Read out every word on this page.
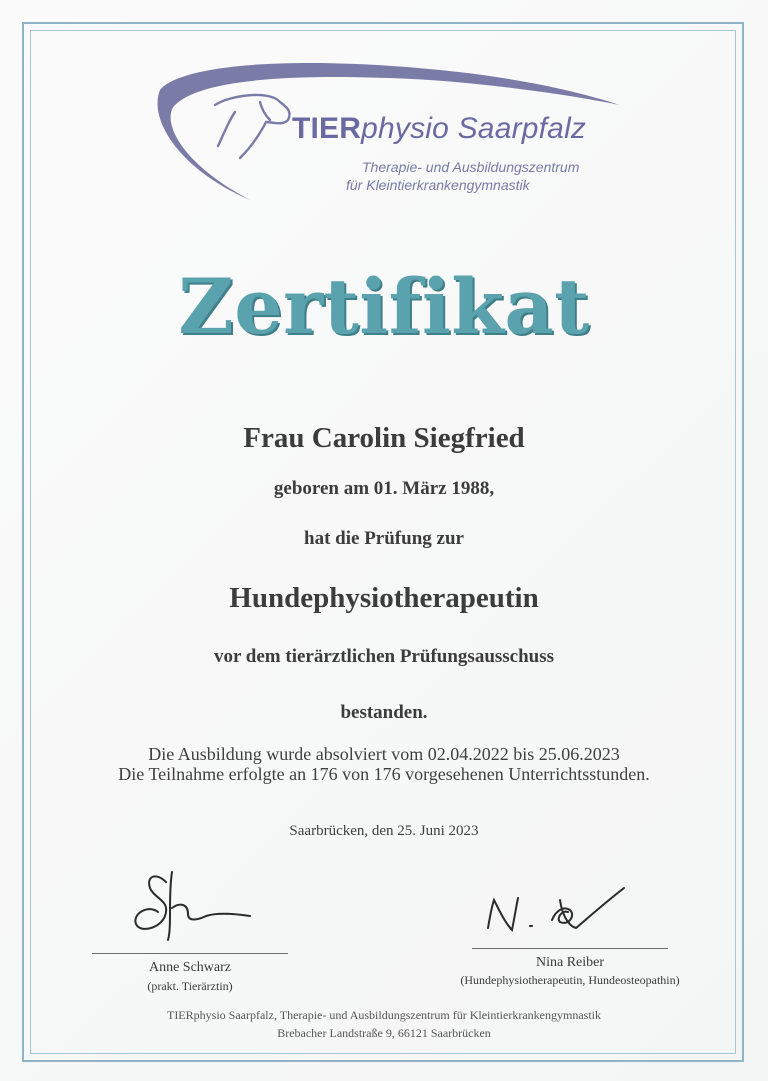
TIERphysio Saarpfalz
Therapie- und Ausbildungszentrum
für Kleintierkrankengymnastik
Zertifikat
Frau Carolin Siegfried
geboren am 01. März 1988,
hat die Prüfung zur
Hundephysiotherapeutin
vor dem tierärztlichen Prüfungsausschuss
bestanden.
Die Ausbildung wurde absolviert vom 02.04.2022 bis 25.06.2023
Die Teilnahme erfolgte an 176 von 176 vorgesehenen Unterrichtsstunden.
Saarbrücken, den 25. Juni 2023
Anne Schwarz
(prakt. Tierärztin)
Nina Reiber
(Hundephysiotherapeutin, Hundeosteopathin)
TIERphysio Saarpfalz, Therapie- und Ausbildungszentrum für Kleintierkrankengymnastik
Brebacher Landstraße 9, 66121 Saarbrücken
